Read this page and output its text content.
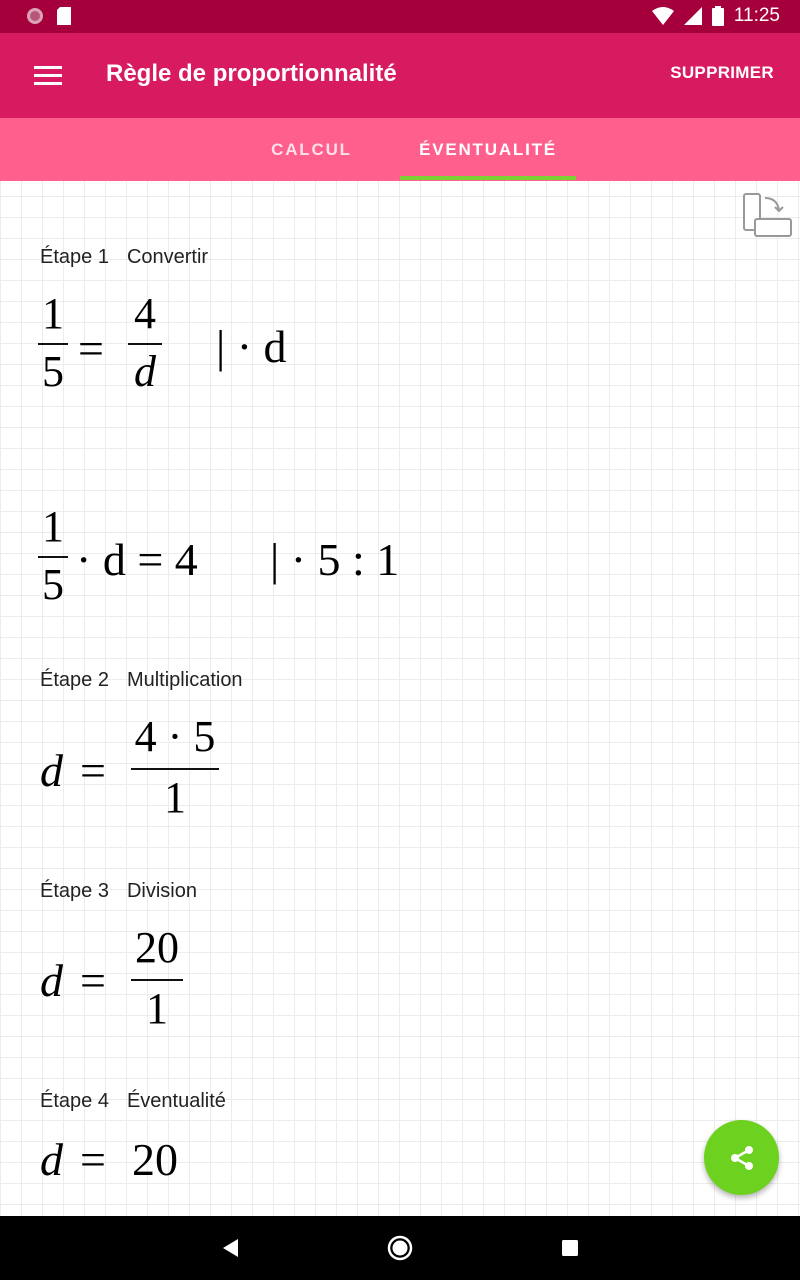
11:25
Règle de proportionnalité	SUPPRIMER
CALCUL	ÉVENTUALITÉ
Étape 1 Convertir
1
5 =
4
d | · d
1
5 · d = 4 | · 5 : 1
Étape 2 Multiplication
d =
4 · 5
1
Étape 3 Division
d =
20
1
Étape 4 Éventualité
d = 20
